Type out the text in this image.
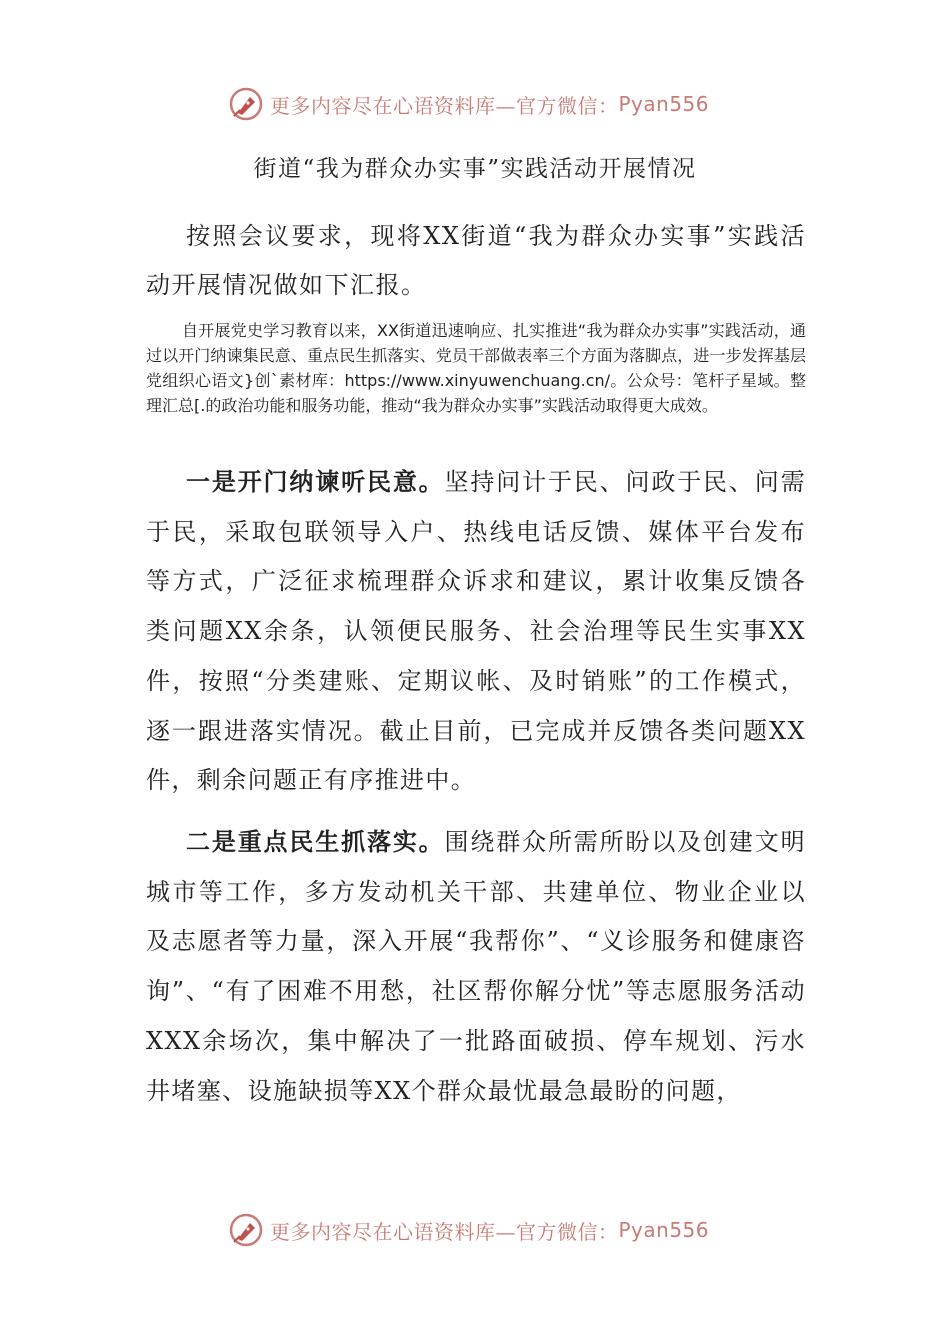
更多内容尽在心语资料库—官方微信： Pyan556
街道“我为群众办实事”实践活动开展情况

按照会议要求，现将XX街道“我为群众办实事”实践活动开展情况做如下汇报。

自开展党史学习教育以来，XX街道迅速响应、扎实推进“我为群众办实事”实践活动，通过以开门纳谏集民意、重点民生抓落实、党员干部做表率三个方面为落脚点，进一步发挥基层党组织心语文}创`素材库：https://www.xinyuwenchuang.cn/。公众号：笔杆子星域。整理汇总[.的政治功能和服务功能，推动“我为群众办实事”实践活动取得更大成效。

一是开门纳谏听民意。坚持问计于民、问政于民、问需于民，采取包联领导入户、热线电话反馈、媒体平台发布等方式，广泛征求梳理群众诉求和建议，累计收集反馈各类问题XX余条，认领便民服务、社会治理等民生实事XX件，按照“分类建账、定期议帐、及时销账”的工作模式，逐一跟进落实情况。截止目前，已完成并反馈各类问题XX件，剩余问题正有序推进中。

二是重点民生抓落实。围绕群众所需所盼以及创建文明城市等工作，多方发动机关干部、共建单位、物业企业以及志愿者等力量，深入开展“我帮你”、“义诊服务和健康咨询”、“有了困难不用愁，社区帮你解分忧”等志愿服务活动XXX余场次，集中解决了一批路面破损、停车规划、污水井堵塞、设施缺损等XX个群众最忧最急最盼的问题，

更多内容尽在心语资料库—官方微信： Pyan556
